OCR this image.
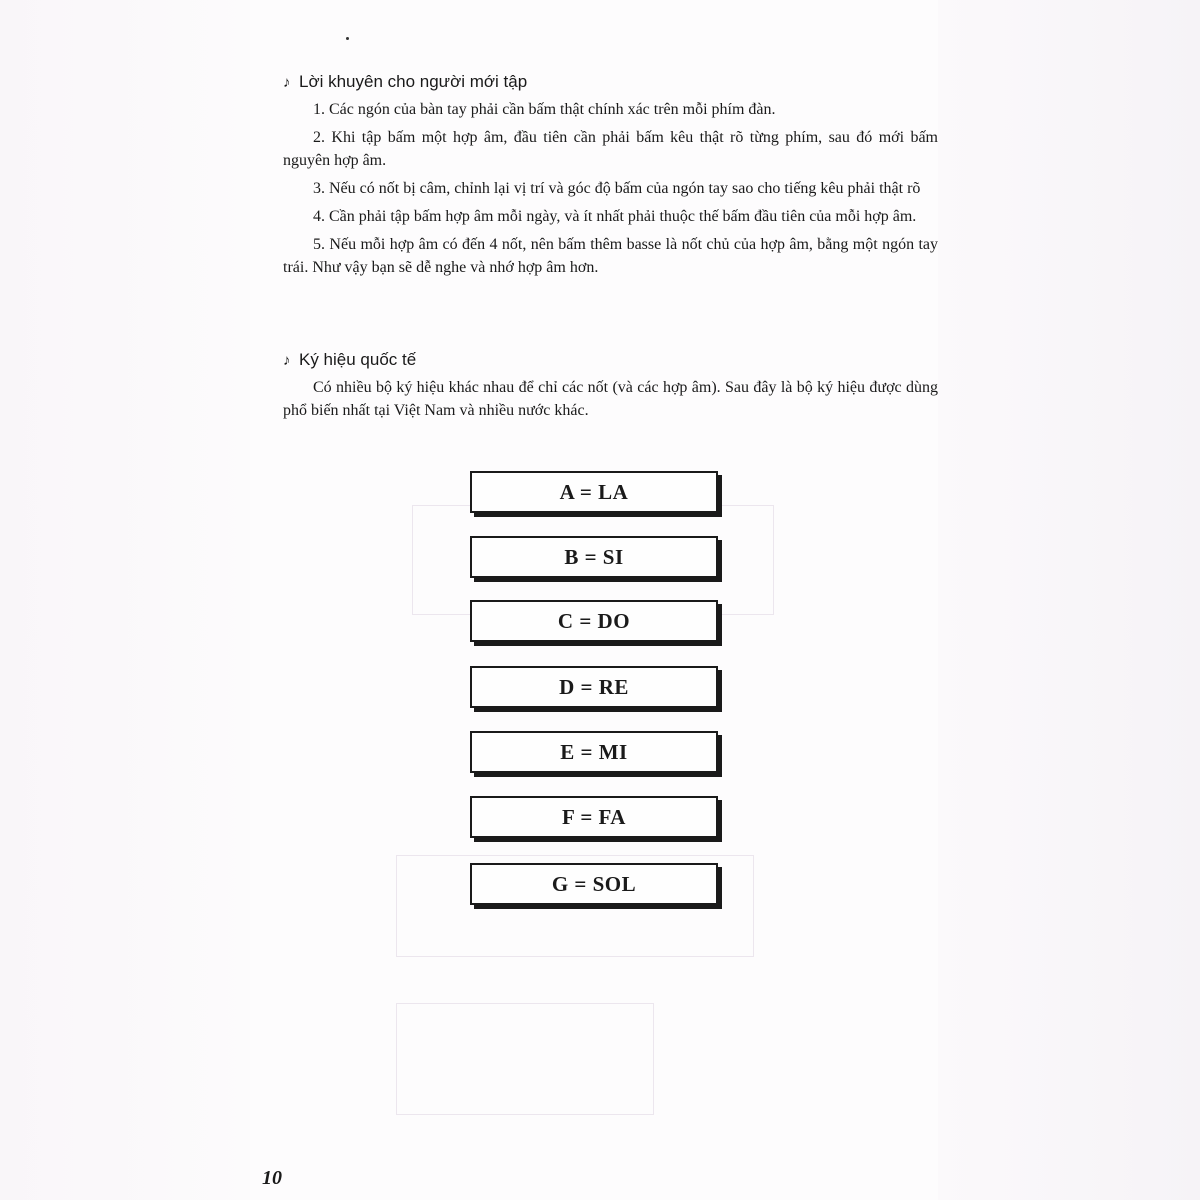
♪ Lời khuyên cho người mới tập

1. Các ngón của bàn tay phải cần bấm thật chính xác trên mỗi phím đàn.

2. Khi tập bấm một hợp âm, đầu tiên cần phải bấm kêu thật rõ từng phím, sau đó mới bấm nguyên hợp âm.

3. Nếu có nốt bị câm, chỉnh lại vị trí và góc độ bấm của ngón tay sao cho tiếng kêu phải thật rõ

4. Cần phải tập bấm hợp âm mỗi ngày, và ít nhất phải thuộc thế bấm đầu tiên của mỗi hợp âm.

5. Nếu mỗi hợp âm có đến 4 nốt, nên bấm thêm basse là nốt chủ của hợp âm, bằng một ngón tay trái. Như vậy bạn sẽ dễ nghe và nhớ hợp âm hơn.

♪ Ký hiệu quốc tế

Có nhiều bộ ký hiệu khác nhau để chỉ các nốt (và các hợp âm). Sau đây là bộ ký hiệu được dùng phổ biến nhất tại Việt Nam và nhiều nước khác.

A = LA
B = SI
C = DO
D = RE
E = MI
F = FA
G = SOL
10
